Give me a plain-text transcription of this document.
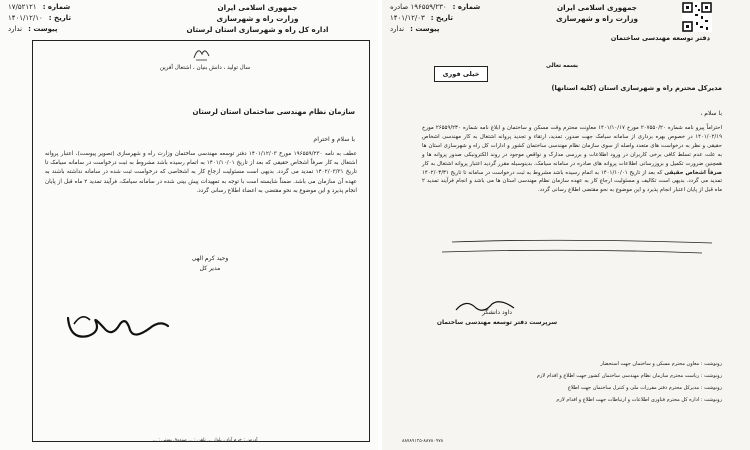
شماره :
۱۷/۵۲۱۲۱
تاریخ :
۱۴۰۱/۱۲/۱۰
پیوست :
ندارد
جمهوری اسلامی ایران
وزارت راه و شهرسازی
اداره کل راه و شهرسازی استان لرستان
سال تولید ، دانش بنیان ، اشتغال آفرین
سازمان نظام مهندسی ساختمان استان لرستان
با سلام و احترام
عطف به نامه ۱۹۶۵۵۹/۲۳۰ مورخ ۱۴۰۱/۱۲/۰۳ دفتر توسعه مهندسی ساختمان وزارت راه و شهرسازی (تصویر پیوست)، اعتبار پروانه اشتغال به کار صرفاً اشخاص حقیقی که بعد از تاریخ ۱۴۰۱/۱۰/۰۱ به اتمام رسیده باشد مشروط به ثبت درخواست در سامانه سیامک تا تاریخ ۱۴۰۲/۰۳/۳۱ تمدید می گردد. بدیهی است مسئولیت ارجاع کار به اشخاصی که درخواست ثبت شده در سامانه نداشته باشند به عهده آن سازمان می باشد. ضمناً شایسته است با توجه به تمهیدات پیش بینی شده در سامانه سیامک، فرآیند تمدید ۲ ماه قبل از پایان انجام پذیرد و این موضوع به نحو مقتضی به اعضاء اطلاع رسانی گردد.
وحید کرم الهی
مدیر کل
آدرس : خرم آباد ، بلوار ... تلفن : ... صندوق پستی : ...
شماره :
۱۹۶۵۵۹/۲۳۰ صادره
تاریخ :
۱۴۰۱/۱۲/۰۳
پیوست :
ندارد
جمهوری اسلامی ایران
وزارت راه و شهرسازی
دفتر توسعه مهندسی ساختمان
خیلی فوری
بسمه تعالی
مدیرکل محترم راه و شهرسازی استان (کلیه استانها)
با سلام ،
احتراماً پیرو نامه شماره ۲۰۷۵۵۰/۲۰ مورخ ۱۴۰۱/۱۰/۱۷ معاونت محترم وقت مسکن و ساختمان و ابلاغ نامه شماره ۲۶۵۵۹/۲۳۰ مورخ ۱۴۰۱/۰۲/۱۹ در خصوص بهره برداری از سامانه سیامک جهت صدور، تمدید، ارتقاء و تجدید پروانه اشتغال به کار مهندسی اشخاص حقیقی و نظر به درخواست های متعدد واصله از سوی سازمان نظام مهندسی ساختمان کشور و ادارات کل راه و شهرسازی استان ها به علت عدم تسلط کافی برخی کاربران در ورود اطلاعات و بررسی مدارک و نواقص موجود در روند الکترونیکی صدور پروانه ها و همچنین ضرورت تکمیل و بروزرسانی اطلاعات پروانه های صادره در سامانه سیامک، بدینوسیله مقرر گردید اعتبار پروانه اشتغال به کار صرفاً اشخاص حقیقی که بعد از تاریخ ۱۴۰۱/۱۰/۰۱ به اتمام رسیده باشد مشروط به ثبت درخواست در سامانه تا تاریخ ۱۴۰۲/۰۳/۳۱ تمدید می گردد. بدیهی است تکالیف و مسئولیت ارجاع کار به عهده سازمان نظام مهندسی استان ها می باشد و انجام فرآیند تمدید ۲ ماه قبل از پایان اعتبار انجام پذیرد و این موضوع به نحو مقتضی اطلاع رسانی گردد.
داود دانشگر
سرپرست دفتر توسعه مهندسی ساختمان
رونوشت : معاون محترم مسکن و ساختمان جهت استحضار
رونوشت : ریاست محترم سازمان نظام مهندسی ساختمان کشور جهت اطلاع و اقدام لازم
رونوشت : مدیرکل محترم دفتر مقررات ملی و کنترل ساختمان جهت اطلاع
رونوشت : اداره کل محترم فناوری اطلاعات و ارتباطات جهت اطلاع و اقدام لازم
۸۸۷۸۹۱۲۵-۸۸۷۸۰۹۷۸
